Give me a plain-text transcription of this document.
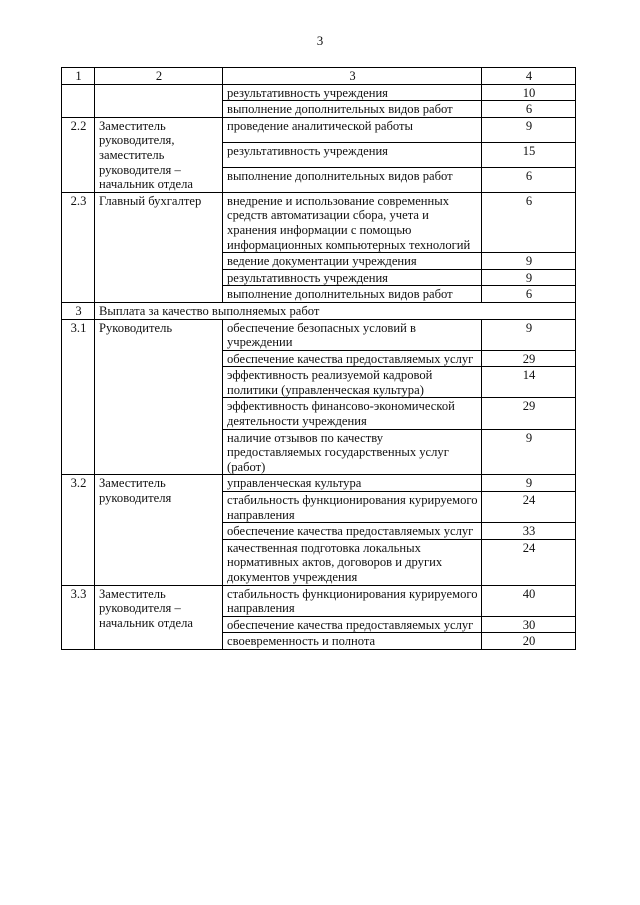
3
1	2	3	4
		результативность учреждения	10
		выполнение дополнительных видов работ	6
2.2	Заместитель руководителя, заместитель руководителя – начальник отдела	проведение аналитической работы	9
		результативность учреждения	15
		выполнение дополнительных видов работ	6
2.3	Главный бухгалтер	внедрение и использование современных средств автоматизации сбора, учета и хранения информации с помощью информационных компьютерных технологий	6
		ведение документации учреждения	9
		результативность учреждения	9
		выполнение дополнительных видов работ	6
3	Выплата за качество выполняемых работ		
3.1	Руководитель	обеспечение безопасных условий в учреждении	9
		обеспечение качества предоставляемых услуг	29
		эффективность реализуемой кадровой политики (управленческая культура)	14
		эффективность финансово-экономической деятельности учреждения	29
		наличие отзывов по качеству предоставляемых государственных услуг (работ)	9
3.2	Заместитель руководителя	управленческая культура	9
		стабильность функционирования курируемого направления	24
		обеспечение качества предоставляемых услуг	33
		качественная подготовка локальных нормативных актов, договоров и других документов учреждения	24
3.3	Заместитель руководителя – начальник отдела	стабильность функционирования курируемого направления	40
		обеспечение качества предоставляемых услуг	30
		своевременность и полнота	20
